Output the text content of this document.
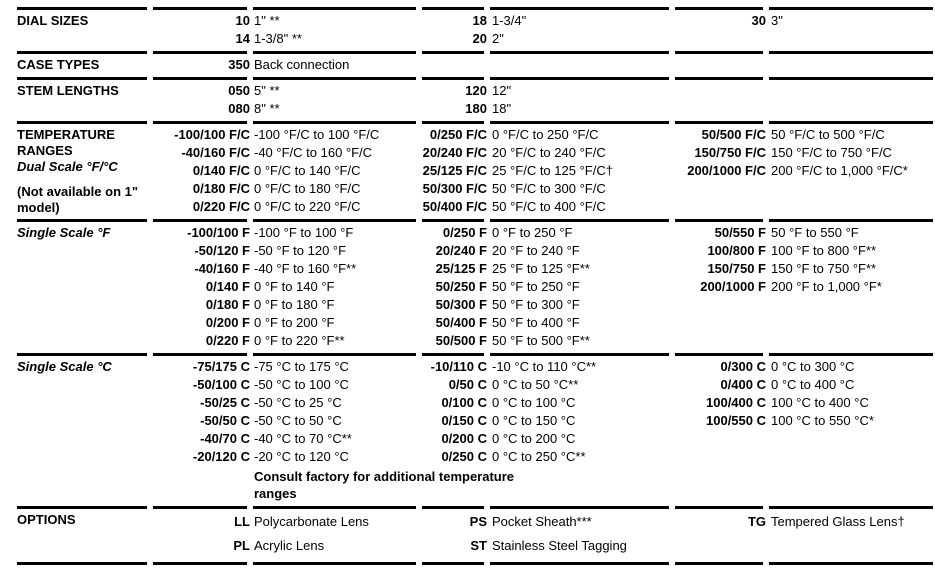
DIAL SIZES	10 1" **	18 1-3/4"	30 3"
14 1-3/8" **	20 2"
CASE TYPES	350 Back connection
STEM LENGTHS	050 5" **	120 12"
080 8" **	180 18"
TEMPERATURE RANGES
Dual Scale °F/°C
(Not available on 1" model)
-100/100 F/C -100 °F/C to 100 °F/C	0/250 F/C 0 °F/C to 250 °F/C	50/500 F/C 50 °F/C to 500 °F/C
-40/160 F/C -40 °F/C to 160 °F/C	20/240 F/C 20 °F/C to 240 °F/C	150/750 F/C 150 °F/C to 750 °F/C
0/140 F/C 0 °F/C to 140 °F/C	25/125 F/C 25 °F/C to 125 °F/C†	200/1000 F/C 200 °F/C to 1,000 °F/C*
0/180 F/C 0 °F/C to 180 °F/C	50/300 F/C 50 °F/C to 300 °F/C
0/220 F/C 0 °F/C to 220 °F/C	50/400 F/C 50 °F/C to 400 °F/C
Single Scale °F	-100/100 F -100 °F to 100 °F	0/250 F 0 °F to 250 °F	50/550 F 50 °F to 550 °F
-50/120 F -50 °F to 120 °F	20/240 F 20 °F to 240 °F	100/800 F 100 °F to 800 °F**
-40/160 F -40 °F to 160 °F**	25/125 F 25 °F to 125 °F**	150/750 F 150 °F to 750 °F**
0/140 F 0 °F to 140 °F	50/250 F 50 °F to 250 °F	200/1000 F 200 °F to 1,000 °F*
0/180 F 0 °F to 180 °F	50/300 F 50 °F to 300 °F
0/200 F 0 °F to 200 °F	50/400 F 50 °F to 400 °F
0/220 F 0 °F to 220 °F**	50/500 F 50 °F to 500 °F**
Single Scale °C	-75/175 C -75 °C to 175 °C	-10/110 C -10 °C to 110 °C**	0/300 C 0 °C to 300 °C
-50/100 C -50 °C to 100 °C	0/50 C 0 °C to 50 °C**	0/400 C 0 °C to 400 °C
-50/25 C -50 °C to 25 °C	0/100 C 0 °C to 100 °C	100/400 C 100 °C to 400 °C
-50/50 C -50 °C to 50 °C	0/150 C 0 °C to 150 °C	100/550 C 100 °C to 550 °C*
-40/70 C -40 °C to 70 °C**	0/200 C 0 °C to 200 °C
-20/120 C -20 °C to 120 °C	0/250 C 0 °C to 250 °C**
Consult factory for additional temperature ranges
OPTIONS	LL Polycarbonate Lens	PS Pocket Sheath***	TG Tempered Glass Lens†
PL Acrylic Lens	ST Stainless Steel Tagging
